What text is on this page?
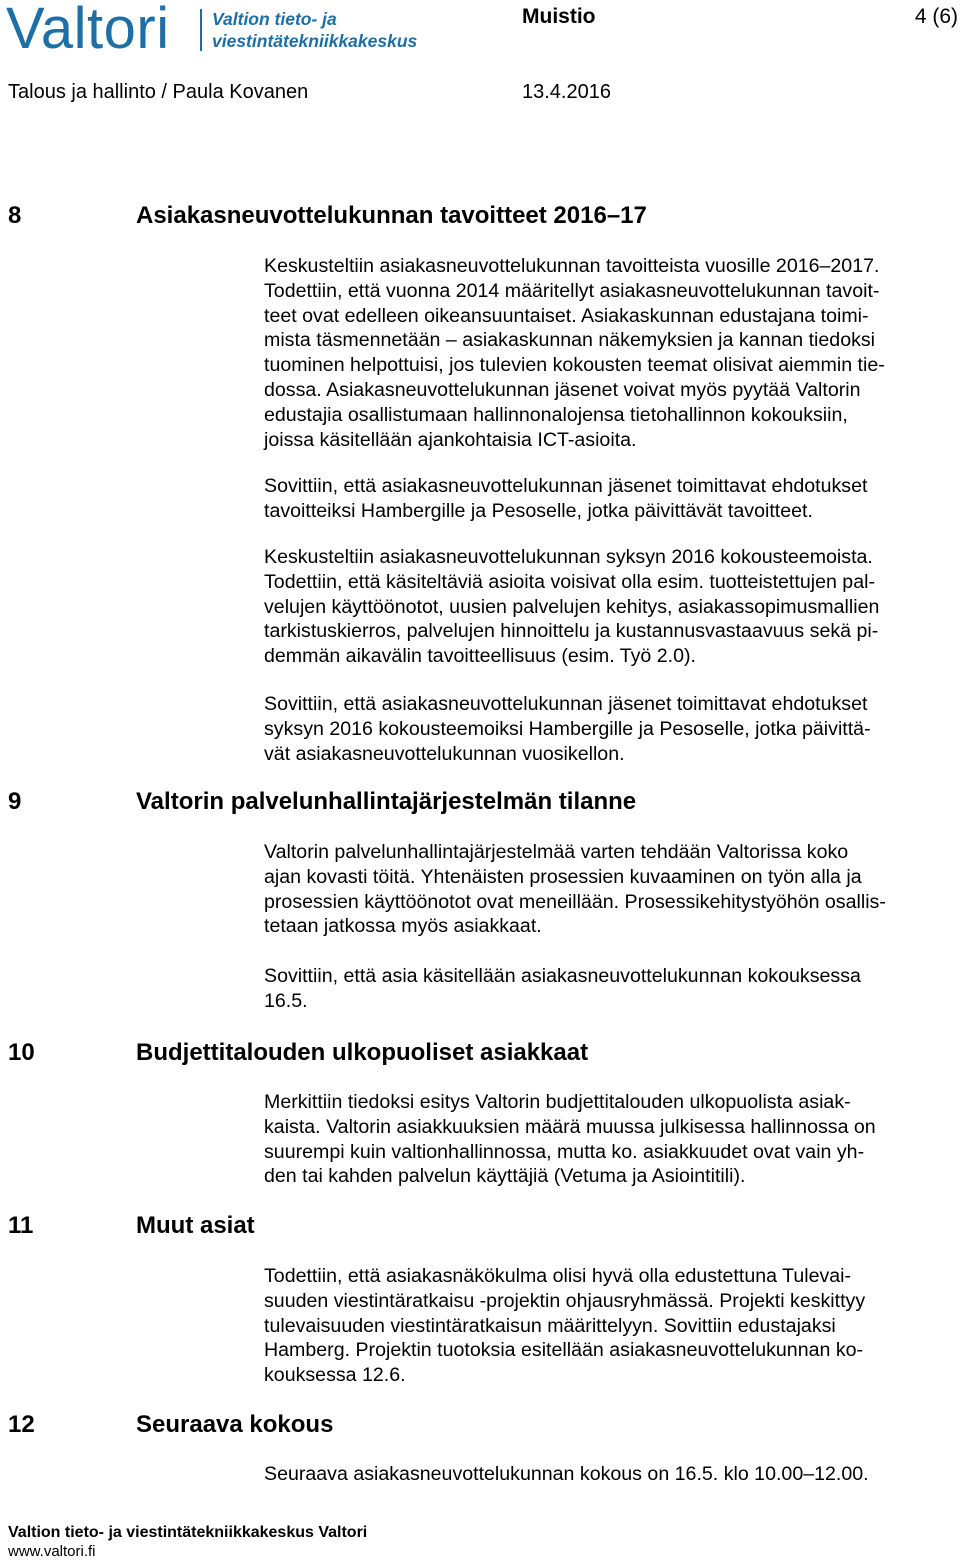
Valtori Valtion tieto- ja
viestintätekniikkakeskus
Muistio	4 (6)
Talous ja hallinto / Paula Kovanen	13.4.2016
8	Asiakasneuvottelukunnan tavoitteet 2016–17
Keskusteltiin asiakasneuvottelukunnan tavoitteista vuosille 2016–2017.
Todettiin, että vuonna 2014 määritellyt asiakasneuvottelukunnan tavoit-
teet ovat edelleen oikeansuuntaiset. Asiakaskunnan edustajana toimi-
mista täsmennetään – asiakaskunnan näkemyksien ja kannan tiedoksi
tuominen helpottuisi, jos tulevien kokousten teemat olisivat aiemmin tie-
dossa. Asiakasneuvottelukunnan jäsenet voivat myös pyytää Valtorin
edustajia osallistumaan hallinnonalojensa tietohallinnon kokouksiin,
joissa käsitellään ajankohtaisia ICT-asioita.
Sovittiin, että asiakasneuvottelukunnan jäsenet toimittavat ehdotukset
tavoitteiksi Hambergille ja Pesoselle, jotka päivittävät tavoitteet.
Keskusteltiin asiakasneuvottelukunnan syksyn 2016 kokousteemoista.
Todettiin, että käsiteltäviä asioita voisivat olla esim. tuotteistettujen pal-
velujen käyttöönotot, uusien palvelujen kehitys, asiakassopimusmallien
tarkistuskierros, palvelujen hinnoittelu ja kustannusvastaavuus sekä pi-
demmän aikavälin tavoitteellisuus (esim. Työ 2.0).
Sovittiin, että asiakasneuvottelukunnan jäsenet toimittavat ehdotukset
syksyn 2016 kokousteemoiksi Hambergille ja Pesoselle, jotka päivittä-
vät asiakasneuvottelukunnan vuosikellon.
9	Valtorin palvelunhallintajärjestelmän tilanne
Valtorin palvelunhallintajärjestelmää varten tehdään Valtorissa koko
ajan kovasti töitä. Yhtenäisten prosessien kuvaaminen on työn alla ja
prosessien käyttöönotot ovat meneillään. Prosessikehitystyöhön osallis-
tetaan jatkossa myös asiakkaat.
Sovittiin, että asia käsitellään asiakasneuvottelukunnan kokouksessa
16.5.
10	Budjettitalouden ulkopuoliset asiakkaat
Merkittiin tiedoksi esitys Valtorin budjettitalouden ulkopuolista asiak-
kaista. Valtorin asiakkuuksien määrä muussa julkisessa hallinnossa on
suurempi kuin valtionhallinnossa, mutta ko. asiakkuudet ovat vain yh-
den tai kahden palvelun käyttäjiä (Vetuma ja Asiointitili).
11	Muut asiat
Todettiin, että asiakasnäkökulma olisi hyvä olla edustettuna Tulevai-
suuden viestintäratkaisu -projektin ohjausryhmässä. Projekti keskittyy
tulevaisuuden viestintäratkaisun määrittelyyn. Sovittiin edustajaksi
Hamberg. Projektin tuotoksia esitellään asiakasneuvottelukunnan ko-
kouksessa 12.6.
12	Seuraava kokous
Seuraava asiakasneuvottelukunnan kokous on 16.5. klo 10.00–12.00.
Valtion tieto- ja viestintätekniikkakeskus Valtori
www.valtori.fi
